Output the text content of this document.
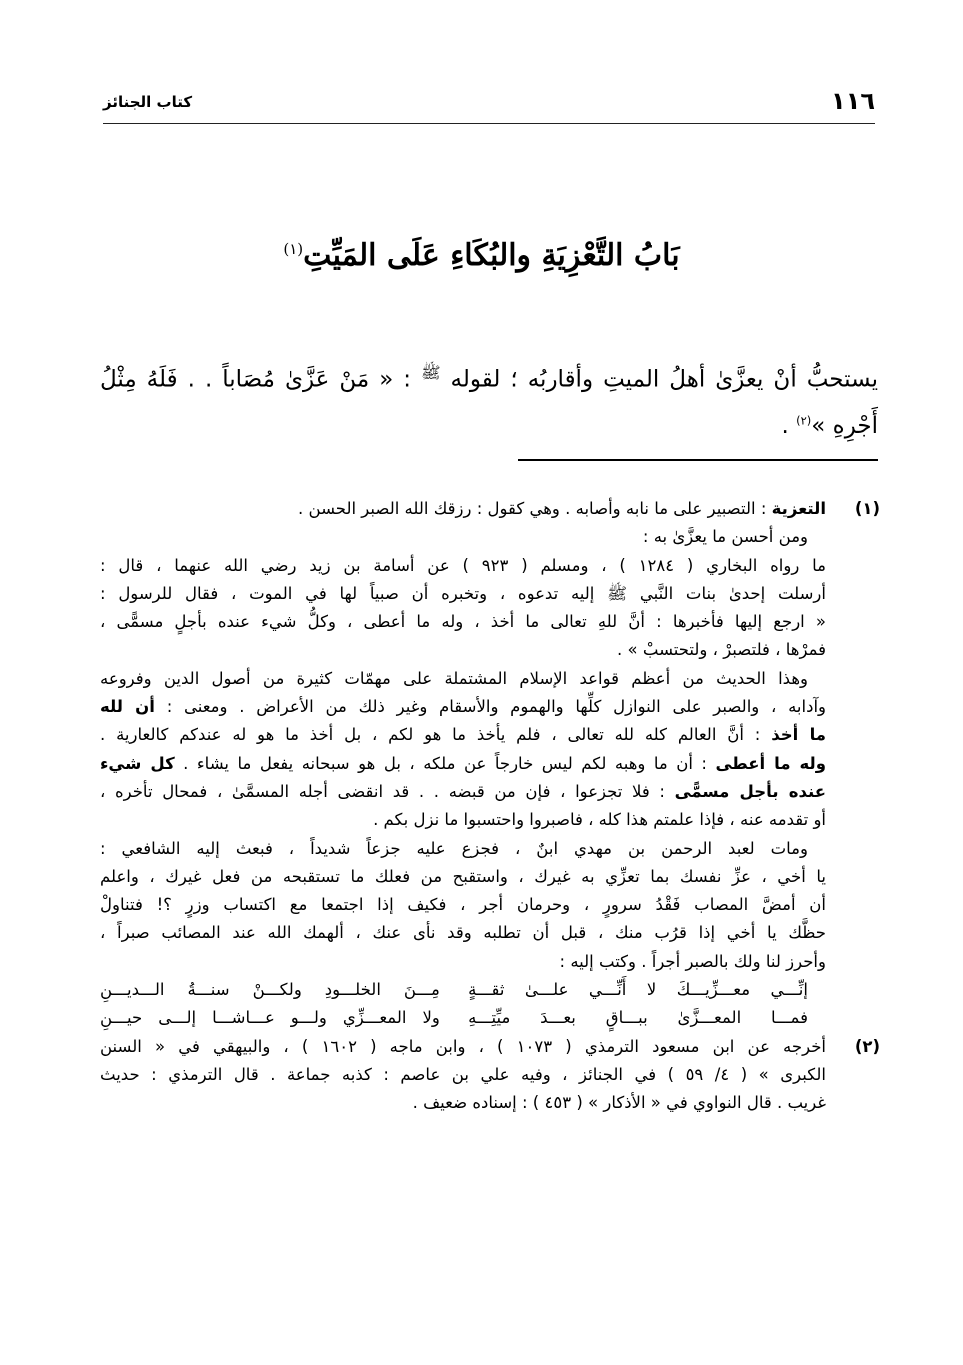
١١٦
كتاب الجنائز
بَابُ التَّعْزِيَةِ والبُكَاءِ عَلَى المَيِّتِ$^{(١)}$

يستحبُّ أنْ يعزَّىٰ أهلُ الميتِ وأقاربُه ؛ لقوله $^ﷺ$ : « مَنْ عَزَّىٰ مُصَاباً . . فَلَهُ مِثْلُ أَجْرِهِ »$^{(٢)}$ .

(١)
التعزية : التصبير على ما نابه وأصابه . وهي كقول : رزقك الله الصبر الحسن .
ومن أحسن ما يعزَّىٰ به :
ما رواه البخاري ( ١٢٨٤ ) ، ومسلم ( ٩٢٣ ) عن أسامة بن زيد رضي الله عنهما ، قال :
أرسلت إحدىٰ بنات النَّبي ﷺ إليه تدعوه ، وتخبره أن صبياً لها في الموت ، فقال للرسول :
« ارجع إليها فأخبرها : أنَّ للهِ تعالى ما أخذ ، وله ما أعطى ، وكلُّ شيء عنده بأجلٍ مسمًّى ،
فمرْها ، فلتصبرْ ، ولتحتسبْ » .
وهذا الحديث من أعظم قواعد الإسلام المشتملة على مهمّات كثيرة من أصول الدين وفروعه
وآدابه ، والصبر على النوازل كلِّها والهموم والأسقام وغير ذلك من الأعراض . ومعنى : أن لله
ما أخذ : أنَّ العالم كله لله تعالى ، فلم يأخذ ما هو لكم ، بل أخذ ما هو له عندكم كالعارية .
وله ما أعطى : أن ما وهبه لكم ليس خارجاً عن ملكه ، بل هو سبحانه يفعل ما يشاء . كل شيء
عنده بأجل مسمًّى : فلا تجزعوا ، فإن من قبضه . . قد انقضى أجله المسمَّىٰ ، فمحال تأخره ،
أو تقدمه عنه ، فإذا علمتم هذا كله ، فاصبروا واحتسبوا ما نزل بكم .
ومات لعبد الرحمن بن مهدي ابنٌ ، فجزع عليه جزعاً شديداً ، فبعث إليه الشافعي :
يا أخي ، عزِّ نفسك بما تعزِّي به غيرك ، واستقبح من فعلك ما تستقبحه من فعل غيرك ، واعلم
أن أمضَّ المصاب فَقْدُ سرورٍ ، وحرمان أجر ، فكيف إذا اجتمعا مع اكتساب وزرٍ ؟! فتناولْ
حظَّك يا أخي إذا قرُب منك ، قبل أن تطلبه وقد نأى عنك ، ألهمك الله عند المصائب صبراً ،
وأحرز لنا ولك بالصبر أجراً . وكتب إليه :
إنِّـــي معـــزِّيـــكَ لا أَنِّـــي علـــىٰ ثقـــةٍ
مِـــنَ الخلـــودِ ولكـــنْ سنـــةُ الـــديـــنِ
فمـــا المعـــزَّىٰ ببـــاقٍ بعـــدَ ميِّتِـــهِ
ولا المعـــزِّي ولـــو عـــاشـــا إلـــى حيـــنِ
(٢)
أخرجه عن ابن مسعود الترمذي ( ١٠٧٣ ) ، وابن ماجه ( ١٦٠٢ ) ، والبيهقي في « السنن
الكبرى » ( ٤/ ٥٩ ) في الجنائز ، وفيه علي بن عاصم : كذبه جماعة . قال الترمذي : حديث
غريب . قال النواوي في « الأذكار » ( ٤٥٣ ) : إسناده ضعيف .
